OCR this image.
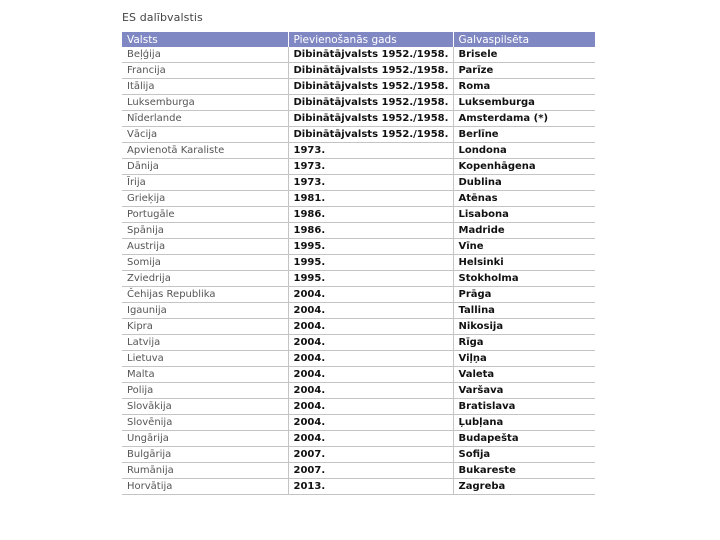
ES dalībvalstis
Valsts	Pievienošanās gads	Galvaspilsēta
Beļģija	Dibinātājvalsts 1952./1958.	Brisele
Francija	Dibinātājvalsts 1952./1958.	Parīze
Itālija	Dibinātājvalsts 1952./1958.	Roma
Luksemburga	Dibinātājvalsts 1952./1958.	Luksemburga
Nīderlande	Dibinātājvalsts 1952./1958.	Amsterdama (*)
Vācija	Dibinātājvalsts 1952./1958.	Berlīne
Apvienotā Karaliste	1973.	Londona
Dānija	1973.	Kopenhāgena
Īrija	1973.	Dublina
Grieķija	1981.	Atēnas
Portugāle	1986.	Lisabona
Spānija	1986.	Madride
Austrija	1995.	Vīne
Somija	1995.	Helsinki
Zviedrija	1995.	Stokholma
Čehijas Republika	2004.	Prāga
Igaunija	2004.	Tallina
Kipra	2004.	Nikosija
Latvija	2004.	Rīga
Lietuva	2004.	Viļņa
Malta	2004.	Valeta
Polija	2004.	Varšava
Slovākija	2004.	Bratislava
Slovēnija	2004.	Ļubļana
Ungārija	2004.	Budapešta
Bulgārija	2007.	Sofija
Rumānija	2007.	Bukareste
Horvātija	2013.	Zagreba
